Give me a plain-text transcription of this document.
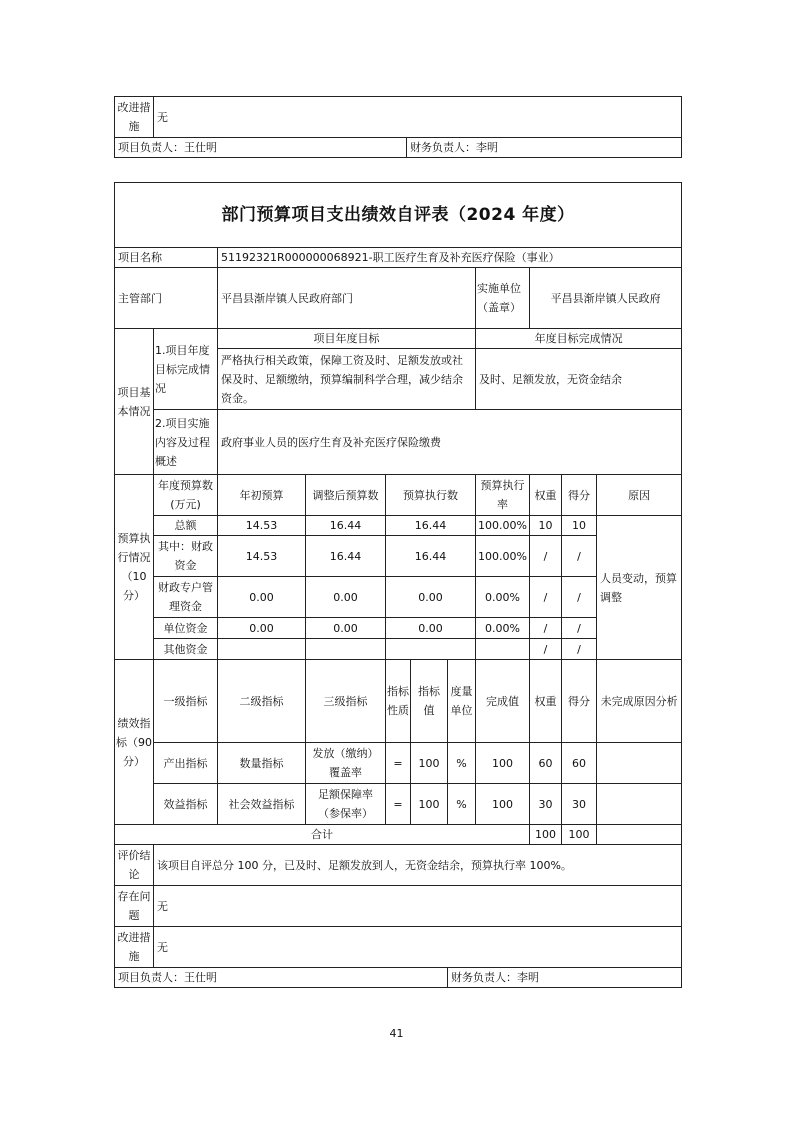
改进措施	无	
项目负责人：王仕明		财务负责人：李明
部门预算项目支出绩效自评表（2024 年度）										
项目名称		51192321R000000068921-职工医疗生育及补充医疗保险（事业）								
主管部门		平昌县渐岸镇人民政府部门					实施单位（盖章）	平昌县渐岸镇人民政府		
项目基本情况	1.项目年度目标完成情况	项目年度目标					年度目标完成情况			
		严格执行相关政策，保障工资及时、足额发放或社保及时、足额缴纳，预算编制科学合理，减少结余资金。					及时、足额发放，无资金结余			
	2.项目实施内容及过程概述	政府事业人员的医疗生育及补充医疗保险缴费								
预算执行情况（10分）	年度预算数(万元)	年初预算	调整后预算数	预算执行数			预算执行率	权重	得分	原因
	总额	14.53	16.44	16.44			100.00%	10	10	人员变动，预算调整
	其中：财政资金	14.53	16.44	16.44			100.00%	/	/	
	财政专户管理资金	0.00	0.00	0.00			0.00%	/	/	
	单位资金	0.00	0.00	0.00			0.00%	/	/	
	其他资金							/	/	
绩效指标（90分）	一级指标	二级指标	三级指标	指标性质	指标值	度量单位	完成值	权重	得分	未完成原因分析
	产出指标	数量指标	发放（缴纳）覆盖率	=	100	%	100	60	60	
	效益指标	社会效益指标	足额保障率（参保率）	=	100	%	100	30	30	
合计								100	100	
评价结论	该项目自评总分 100 分，已及时、足额发放到人，无资金结余，预算执行率 100%。									
存在问题	无									
改进措施	无									
项目负责人：王仕明						财务负责人：李明				
41
